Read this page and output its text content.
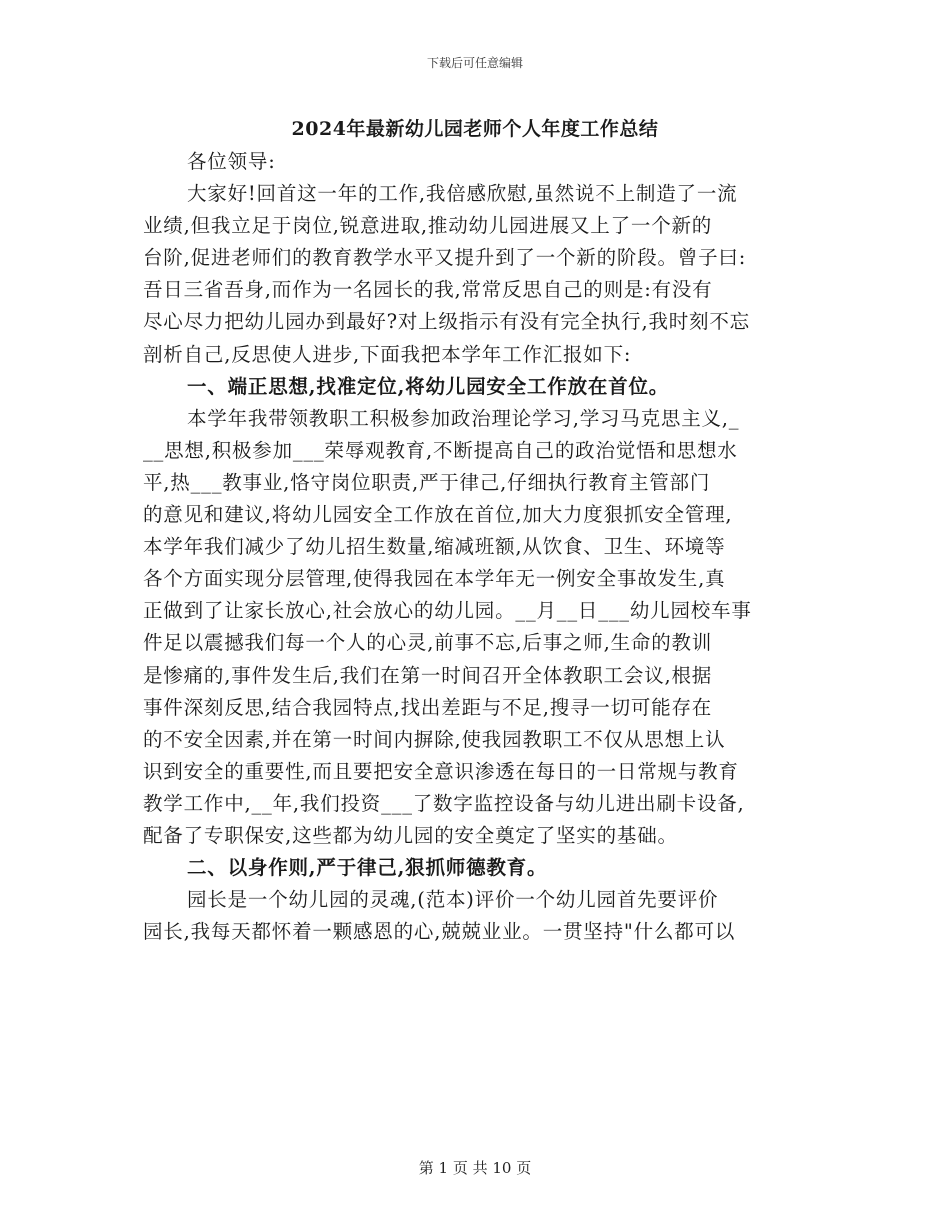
下载后可任意编辑
2024年最新幼儿园老师个人年度工作总结
各位领导:
大家好!回首这一年的工作,我倍感欣慰,虽然说不上制造了一流
业绩,但我立足于岗位,锐意进取,推动幼儿园进展又上了一个新的
台阶,促进老师们的教育教学水平又提升到了一个新的阶段。曾子曰:
吾日三省吾身,而作为一名园长的我,常常反思自己的则是:有没有
尽心尽力把幼儿园办到最好?对上级指示有没有完全执行,我时刻不忘
剖析自己,反思使人进步,下面我把本学年工作汇报如下:
一、端正思想,找准定位,将幼儿园安全工作放在首位。
本学年我带领教职工积极参加政治理论学习,学习马克思主义,_
__思想,积极参加___荣辱观教育,不断提高自己的政治觉悟和思想水
平,热___教事业,恪守岗位职责,严于律己,仔细执行教育主管部门
的意见和建议,将幼儿园安全工作放在首位,加大力度狠抓安全管理,
本学年我们减少了幼儿招生数量,缩减班额,从饮食、卫生、环境等
各个方面实现分层管理,使得我园在本学年无一例安全事故发生,真
正做到了让家长放心,社会放心的幼儿园。__月__日___幼儿园校车事
件足以震撼我们每一个人的心灵,前事不忘,后事之师,生命的教训
是惨痛的,事件发生后,我们在第一时间召开全体教职工会议,根据
事件深刻反思,结合我园特点,找出差距与不足,搜寻一切可能存在
的不安全因素,并在第一时间内摒除,使我园教职工不仅从思想上认
识到安全的重要性,而且要把安全意识渗透在每日的一日常规与教育
教学工作中,__年,我们投资___了数字监控设备与幼儿进出刷卡设备,
配备了专职保安,这些都为幼儿园的安全奠定了坚实的基础。
二、以身作则,严于律己,狠抓师德教育。
园长是一个幼儿园的灵魂,(范本)评价一个幼儿园首先要评价
园长,我每天都怀着一颗感恩的心,兢兢业业。一贯坚持"什么都可以
第 1 页 共 10 页
